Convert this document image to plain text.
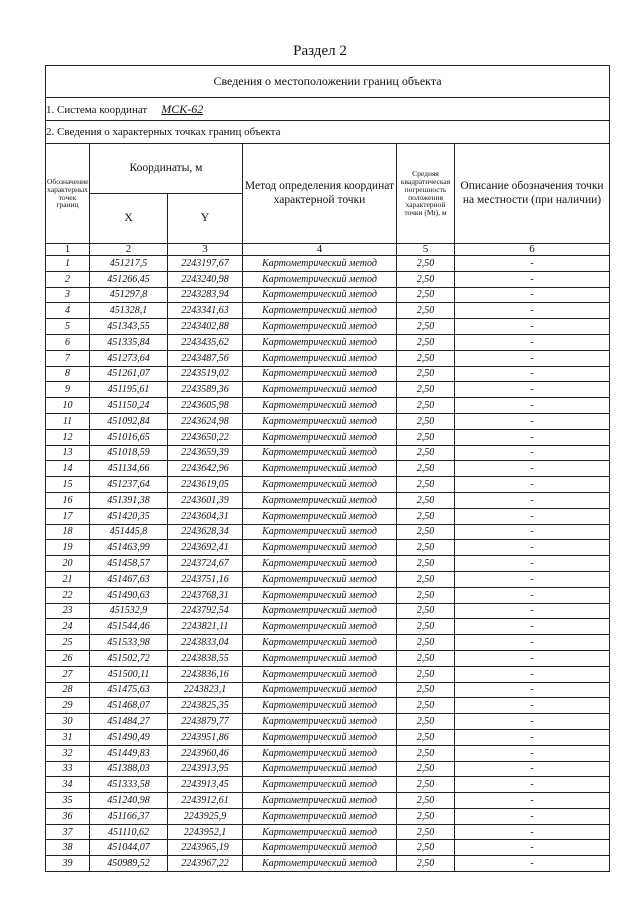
Раздел 2
Сведения о местоположении границ объекта					
1. Система координат МСК-62					
2. Сведения о характерных точках границ объекта					
Обозначение характерных точек границ	Координаты, м		Метод определения координат характерной точки	Средняя квадратическая погрешность положения характерной точки (Mt), м	Описание обозначения точки на местности (при наличии)
	X	Y			
1	2	3	4	5	6
1	451217,5	2243197,67	Картометрический метод	2,50	-
2	451266,45	2243240,98	Картометрический метод	2,50	-
3	451297,8	2243283,94	Картометрический метод	2,50	-
4	451328,1	2243341,63	Картометрический метод	2,50	-
5	451343,55	2243402,88	Картометрический метод	2,50	-
6	451335,84	2243435,62	Картометрический метод	2,50	-
7	451273,64	2243487,56	Картометрический метод	2,50	-
8	451261,07	2243519,02	Картометрический метод	2,50	-
9	451195,61	2243589,36	Картометрический метод	2,50	-
10	451150,24	2243605,98	Картометрический метод	2,50	-
11	451092,84	2243624,98	Картометрический метод	2,50	-
12	451016,65	2243650,22	Картометрический метод	2,50	-
13	451018,59	2243659,39	Картометрический метод	2,50	-
14	451134,66	2243642,96	Картометрический метод	2,50	-
15	451237,64	2243619,05	Картометрический метод	2,50	-
16	451391,38	2243601,39	Картометрический метод	2,50	-
17	451420,35	2243604,31	Картометрический метод	2,50	-
18	451445,8	2243628,34	Картометрический метод	2,50	-
19	451463,99	2243692,41	Картометрический метод	2,50	-
20	451458,57	2243724,67	Картометрический метод	2,50	-
21	451467,63	2243751,16	Картометрический метод	2,50	-
22	451490,63	2243768,31	Картометрический метод	2,50	-
23	451532,9	2243792,54	Картометрический метод	2,50	-
24	451544,46	2243821,11	Картометрический метод	2,50	-
25	451533,98	2243833,04	Картометрический метод	2,50	-
26	451502,72	2243838,55	Картометрический метод	2,50	-
27	451500,11	2243836,16	Картометрический метод	2,50	-
28	451475,63	2243823,1	Картометрический метод	2,50	-
29	451468,07	2243825,35	Картометрический метод	2,50	-
30	451484,27	2243879,77	Картометрический метод	2,50	-
31	451490,49	2243951,86	Картометрический метод	2,50	-
32	451449,83	2243960,46	Картометрический метод	2,50	-
33	451388,03	2243913,95	Картометрический метод	2,50	-
34	451333,58	2243913,45	Картометрический метод	2,50	-
35	451240,98	2243912,61	Картометрический метод	2,50	-
36	451166,37	2243925,9	Картометрический метод	2,50	-
37	451110,62	2243952,1	Картометрический метод	2,50	-
38	451044,07	2243965,19	Картометрический метод	2,50	-
39	450989,52	2243967,22	Картометрический метод	2,50	-
